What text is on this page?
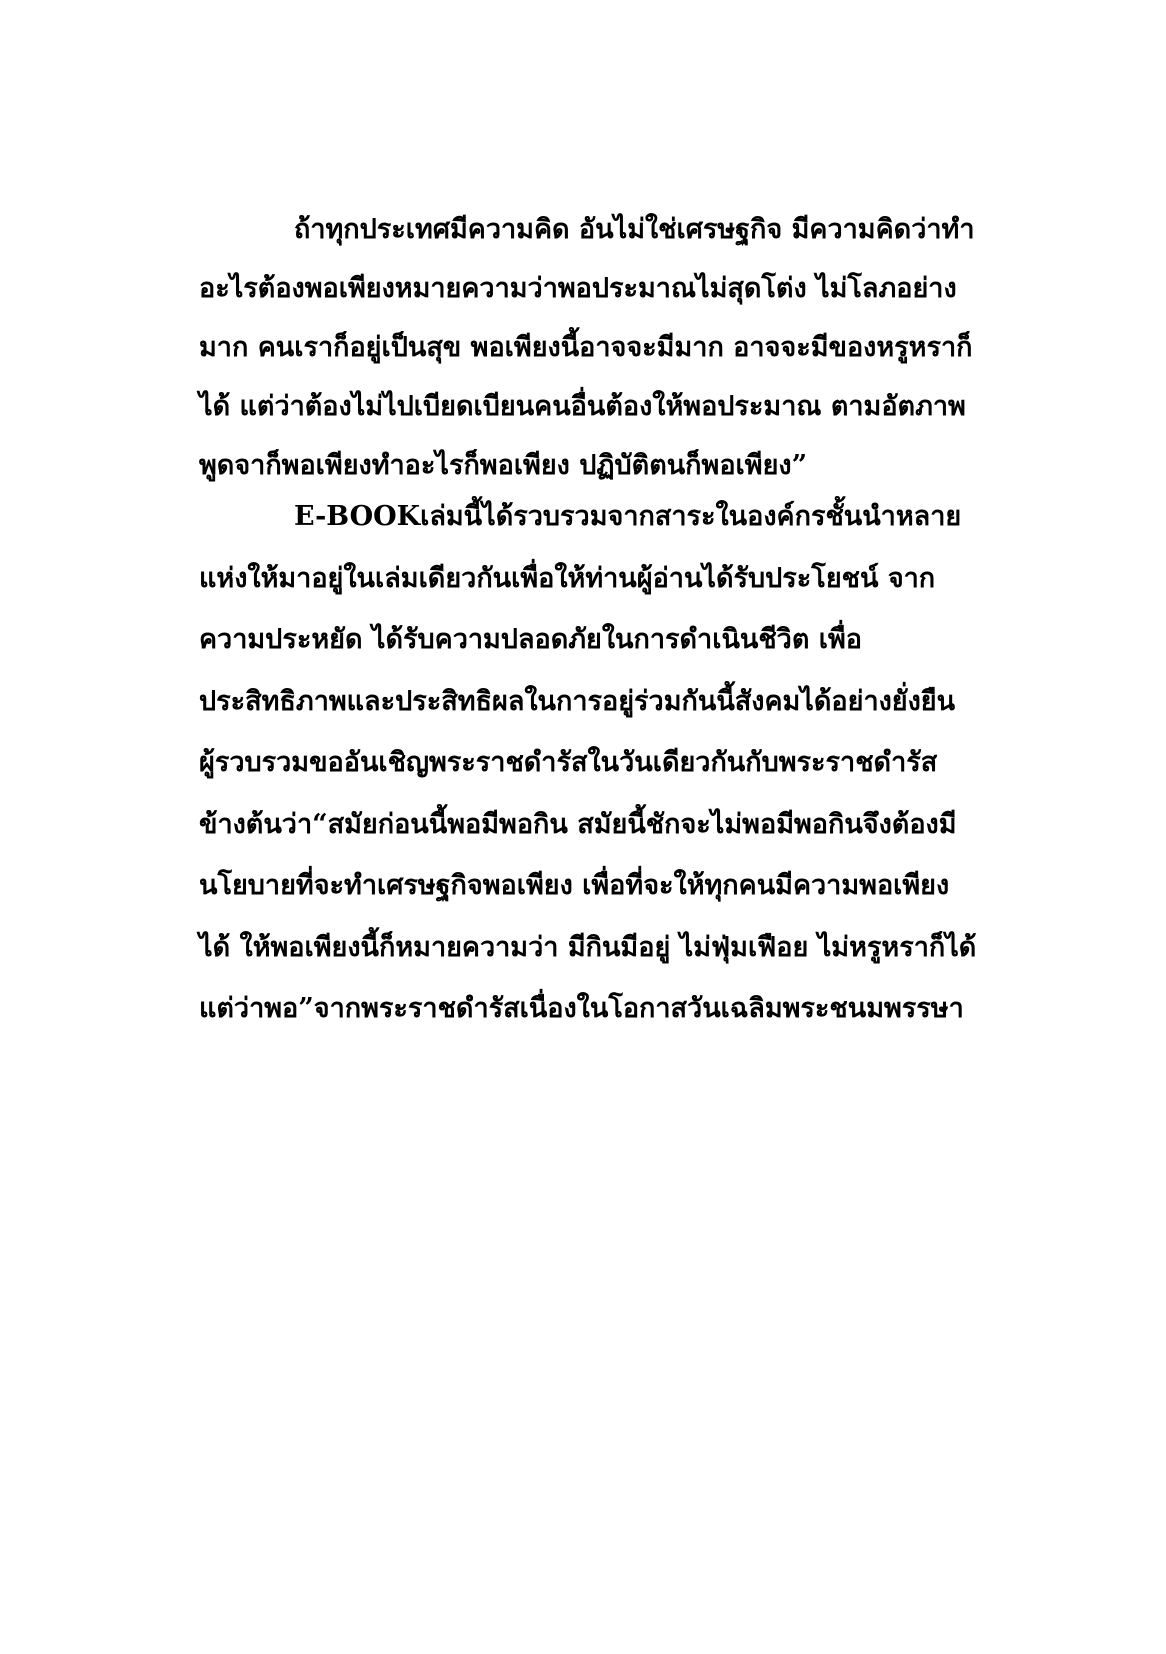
ถ้าทุกประเทศมีความคิด อันไม่ใช่เศรษฐกิจ มีความคิดว่าทำ
อะไรต้องพอเพียงหมายความว่าพอประมาณไม่สุดโต่ง ไม่โลภอย่าง
มาก คนเราก็อยู่เป็นสุข พอเพียงนี้อาจจะมีมาก อาจจะมีของหรูหราก็
ได้ แต่ว่าต้องไม่ไปเบียดเบียนคนอื่นต้องให้พอประมาณ ตามอัตภาพ
พูดจาก็พอเพียงทำอะไรก็พอเพียง ปฏิบัติตนก็พอเพียง”
E-BOOKเล่มนี้ได้รวบรวมจากสาระในองค์กรชั้นนำหลาย
แห่งให้มาอยู่ในเล่มเดียวกันเพื่อให้ท่านผู้อ่านได้รับประโยชน์ จาก
ความประหยัด ได้รับความปลอดภัยในการดำเนินชีวิต เพื่อ
ประสิทธิภาพและประสิทธิผลในการอยู่ร่วมกันนี้สังคมได้อย่างยั่งยืน
ผู้รวบรวมขออันเชิญพระราชดำรัสในวันเดียวกันกับพระราชดำรัส
ข้างต้นว่า“สมัยก่อนนี้พอมีพอกิน สมัยนี้ชักจะไม่พอมีพอกินจึงต้องมี
นโยบายที่จะทำเศรษฐกิจพอเพียง เพื่อที่จะให้ทุกคนมีความพอเพียง
ได้ ให้พอเพียงนี้ก็หมายความว่า มีกินมีอยู่ ไม่ฟุ่มเฟือย ไม่หรูหราก็ได้
แต่ว่าพอ”จากพระราชดำรัสเนื่องในโอกาสวันเฉลิมพระชนมพรรษา
